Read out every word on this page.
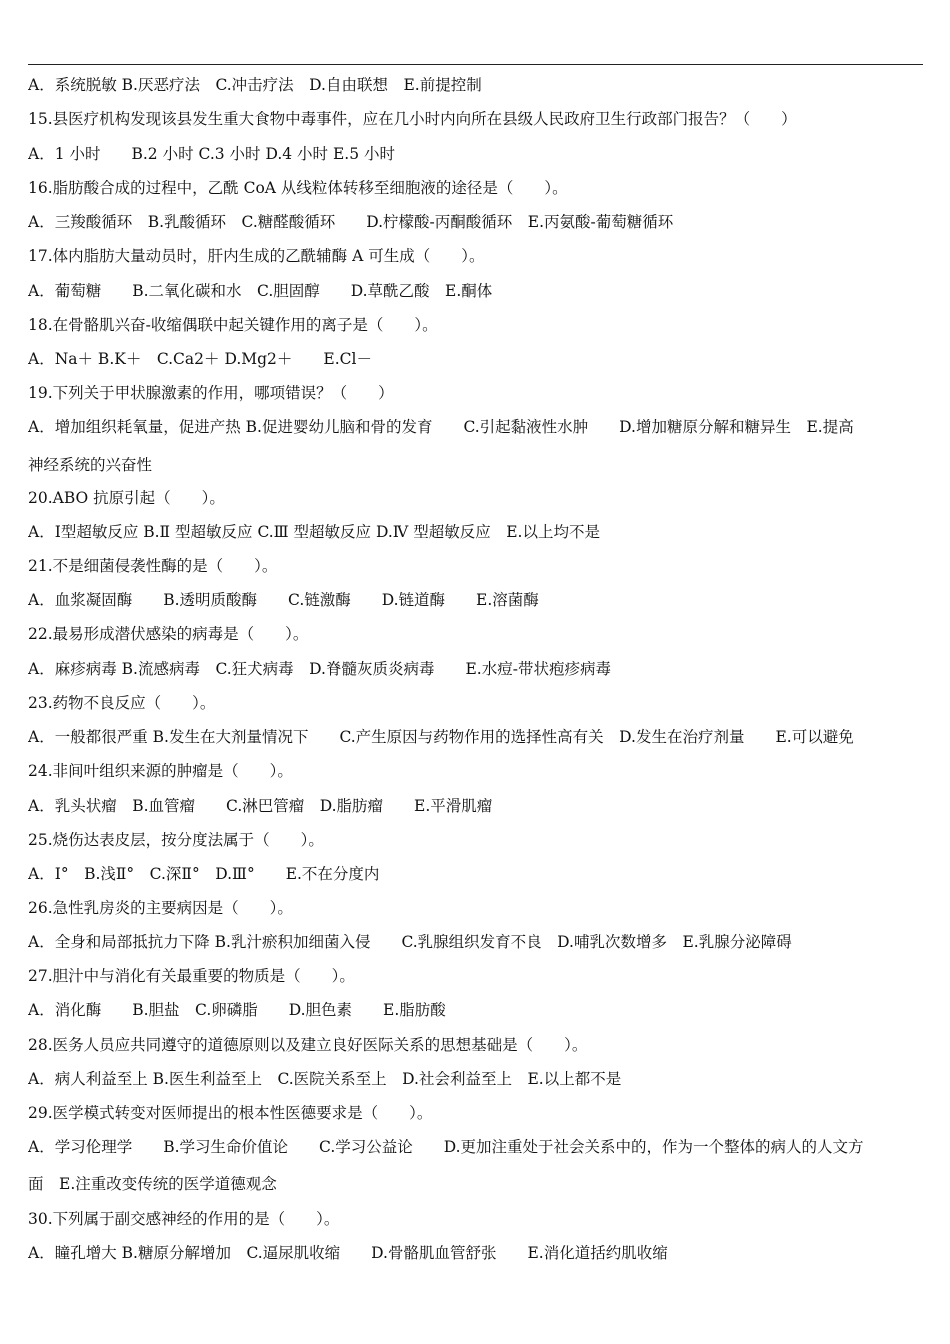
A．系统脱敏 B.厌恶疗法　C.冲击疗法　D.自由联想　E.前提控制
15.县医疗机构发现该县发生重大食物中毒事件，应在几小时内向所在县级人民政府卫生行政部门报告？（　　）
A．1 小时　　B.2 小时 C.3 小时 D.4 小时 E.5 小时
16.脂肪酸合成的过程中，乙酰 CoA 从线粒体转移至细胞液的途径是（　　）。
A．三羧酸循环　B.乳酸循环　C.糖醛酸循环　　D.柠檬酸-丙酮酸循环　E.丙氨酸-葡萄糖循环
17.体内脂肪大量动员时，肝内生成的乙酰辅酶 A 可生成（　　）。
A．葡萄糖　　B.二氧化碳和水　C.胆固醇　　D.草酰乙酸　E.酮体
18.在骨骼肌兴奋-收缩偶联中起关键作用的离子是（　　）。
A．Na＋ B.K＋　C.Ca2＋ D.Mg2＋　　E.Cl－
19.下列关于甲状腺激素的作用，哪项错误？（　　）
A．增加组织耗氧量，促进产热 B.促进婴幼儿脑和骨的发育　　C.引起黏液性水肿　　D.增加糖原分解和糖异生　E.提高
神经系统的兴奋性
20.ABO 抗原引起（　　）。
A．Ⅰ型超敏反应 B.Ⅱ 型超敏反应 C.Ⅲ 型超敏反应 D.Ⅳ 型超敏反应　E.以上均不是
21.不是细菌侵袭性酶的是（　　）。
A．血浆凝固酶　　B.透明质酸酶　　C.链激酶　　D.链道酶　　E.溶菌酶
22.最易形成潜伏感染的病毒是（　　）。
A．麻疹病毒 B.流感病毒　C.狂犬病毒　D.脊髓灰质炎病毒　　E.水痘-带状疱疹病毒
23.药物不良反应（　　）。
A．一般都很严重 B.发生在大剂量情况下　　C.产生原因与药物作用的选择性高有关　D.发生在治疗剂量　　E.可以避免
24.非间叶组织来源的肿瘤是（　　）。
A．乳头状瘤　B.血管瘤　　C.淋巴管瘤　D.脂肪瘤　　E.平滑肌瘤
25.烧伤达表皮层，按分度法属于（　　）。
A．Ⅰ°　B.浅Ⅱ°　C.深Ⅱ°　D.Ⅲ°　　E.不在分度内
26.急性乳房炎的主要病因是（　　）。
A．全身和局部抵抗力下降 B.乳汁瘀积加细菌入侵　　C.乳腺组织发育不良　D.哺乳次数增多　E.乳腺分泌障碍
27.胆汁中与消化有关最重要的物质是（　　）。
A．消化酶　　B.胆盐　C.卵磷脂　　D.胆色素　　E.脂肪酸
28.医务人员应共同遵守的道德原则以及建立良好医际关系的思想基础是（　　）。
A．病人利益至上 B.医生利益至上　C.医院关系至上　D.社会利益至上　E.以上都不是
29.医学模式转变对医师提出的根本性医德要求是（　　）。
A．学习伦理学　　B.学习生命价值论　　C.学习公益论　　D.更加注重处于社会关系中的，作为一个整体的病人的人文方
面　E.注重改变传统的医学道德观念
30.下列属于副交感神经的作用的是（　　）。
A．瞳孔增大 B.糖原分解增加　C.逼尿肌收缩　　D.骨骼肌血管舒张　　E.消化道括约肌收缩
